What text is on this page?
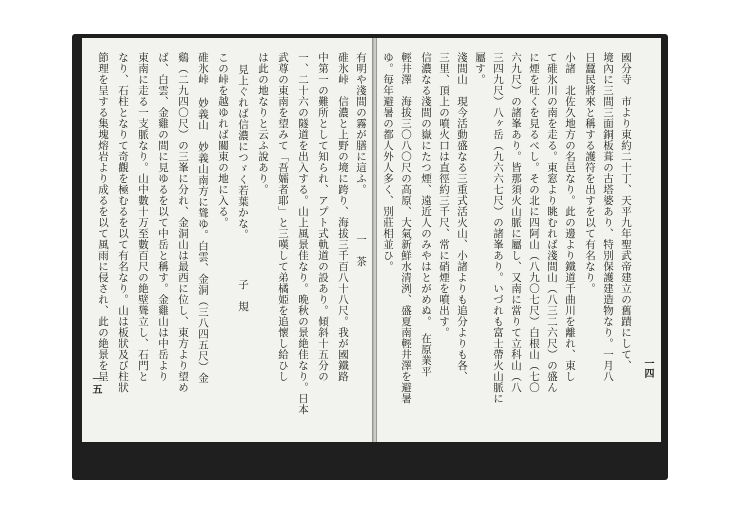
有明や淺間の霧が膳に這ふ。　　　　一　茶
碓氷峠　信濃と上野の境に跨り、海拔三千百八十八尺。我が國鐵路
中第一の難所として知られ、アプト式軌道の設あり。傾斜十五分の
一、二十六の隧道を出入する。山上風景佳なり。晩秋の景絶佳なり。日本
武尊の東南を望みて「吾嬬者耶」と三嘆して弟橘姫を追懷し給ひし
は此の地なりと云ふ說あり。
見上ぐれば信濃につゞく若葉かな。　　　　子　規
この峠を越ゆれば關東の地に入る。
碓氷峠 妙義山　妙義山南方に聳ゆ。白雲、金洞（三八四五尺）金
鷄（二九四〇尺）の三峯に分れ、金洞山は最西に位し、東方より望め
ば、白雲、金雞の間に見ゆるを以て中岳と稱す。金雞山は中岳より
東南に走る一支脈なり。山中數十万至數百尺の絶壁聳立し、石門と
なり、石柱となりて奇觀を極むるを以て有名なり。山は板狀及び柱狀
節理を呈する集塊熔岩より成るを以て風雨に侵され、此の絶景を呈
一五
一四
國分寺　市より東約二十丁、天平九年聖武帝建立の舊蹟にして、
境內に三間三面銅板葺の古塔婆あり、特別保護建造物なり。一月八
日蠶民將來と稱する護符を出すを以て有名なり。
小諸　北佐久地方の名邑なり。此の邊より鐵道千曲川を離れ、東し
て碓氷川の南を走る。東窓より眺むれば淺間山（八三二六尺）の盛ん
に煙を吐くを見るべし。その北に四阿山（八九〇七尺）白根山（七〇
六九尺）の諸峯あり。皆那須火山脈に屬し、又南に當りて立科山（八
三四九尺）八ヶ岳（九六六七尺）の諸峯あり。いづれも富士帶火山脈に
屬す。
淺間山　現今活動盛なる三重式活火山、小諸よりも追分よりも各、
三里、頂上の噴火口は直徑約三千尺、常に硝煙を噴出す。
信濃なる淺間の嶽にたつ煙、遠近人のみやはとがめぬ。　在原業平
輕井澤　海拔三〇八〇尺の高原、大氣新鮮水清洌、盛夏南輕井澤を避暑
ゆ。毎年避暑の都人外人多く、別莊相並ひ。
